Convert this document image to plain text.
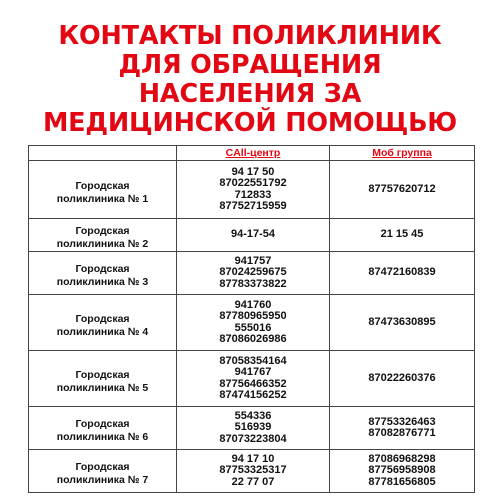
КОНТАКТЫ ПОЛИКЛИНИК
ДЛЯ ОБРАЩЕНИЯ
НАСЕЛЕНИЯ ЗА
МЕДИЦИНСКОЙ ПОМОЩЬЮ
	CAll-центр	Моб группа

Городская
поликлиника № 1	94 17 50
87022551792
712833
87752715959	87757620712

Городская
поликлиника № 2	94-17-54	21 15 45

Городская
поликлиника № 3	941757
87024259675
87783373822	87472160839

Городская
поликлиника № 4	941760
87780965950
555016
87086026986	87473630895

Городская
поликлиника № 5	87058354164
941767
87756466352
87474156252	87022260376

Городская
поликлиника № 6	554336
516939
87073223804	87753326463
87082876771

Городская
поликлиника № 7	94 17 10
87753325317
22 77 07	87086968298
87756958908
87781656805
